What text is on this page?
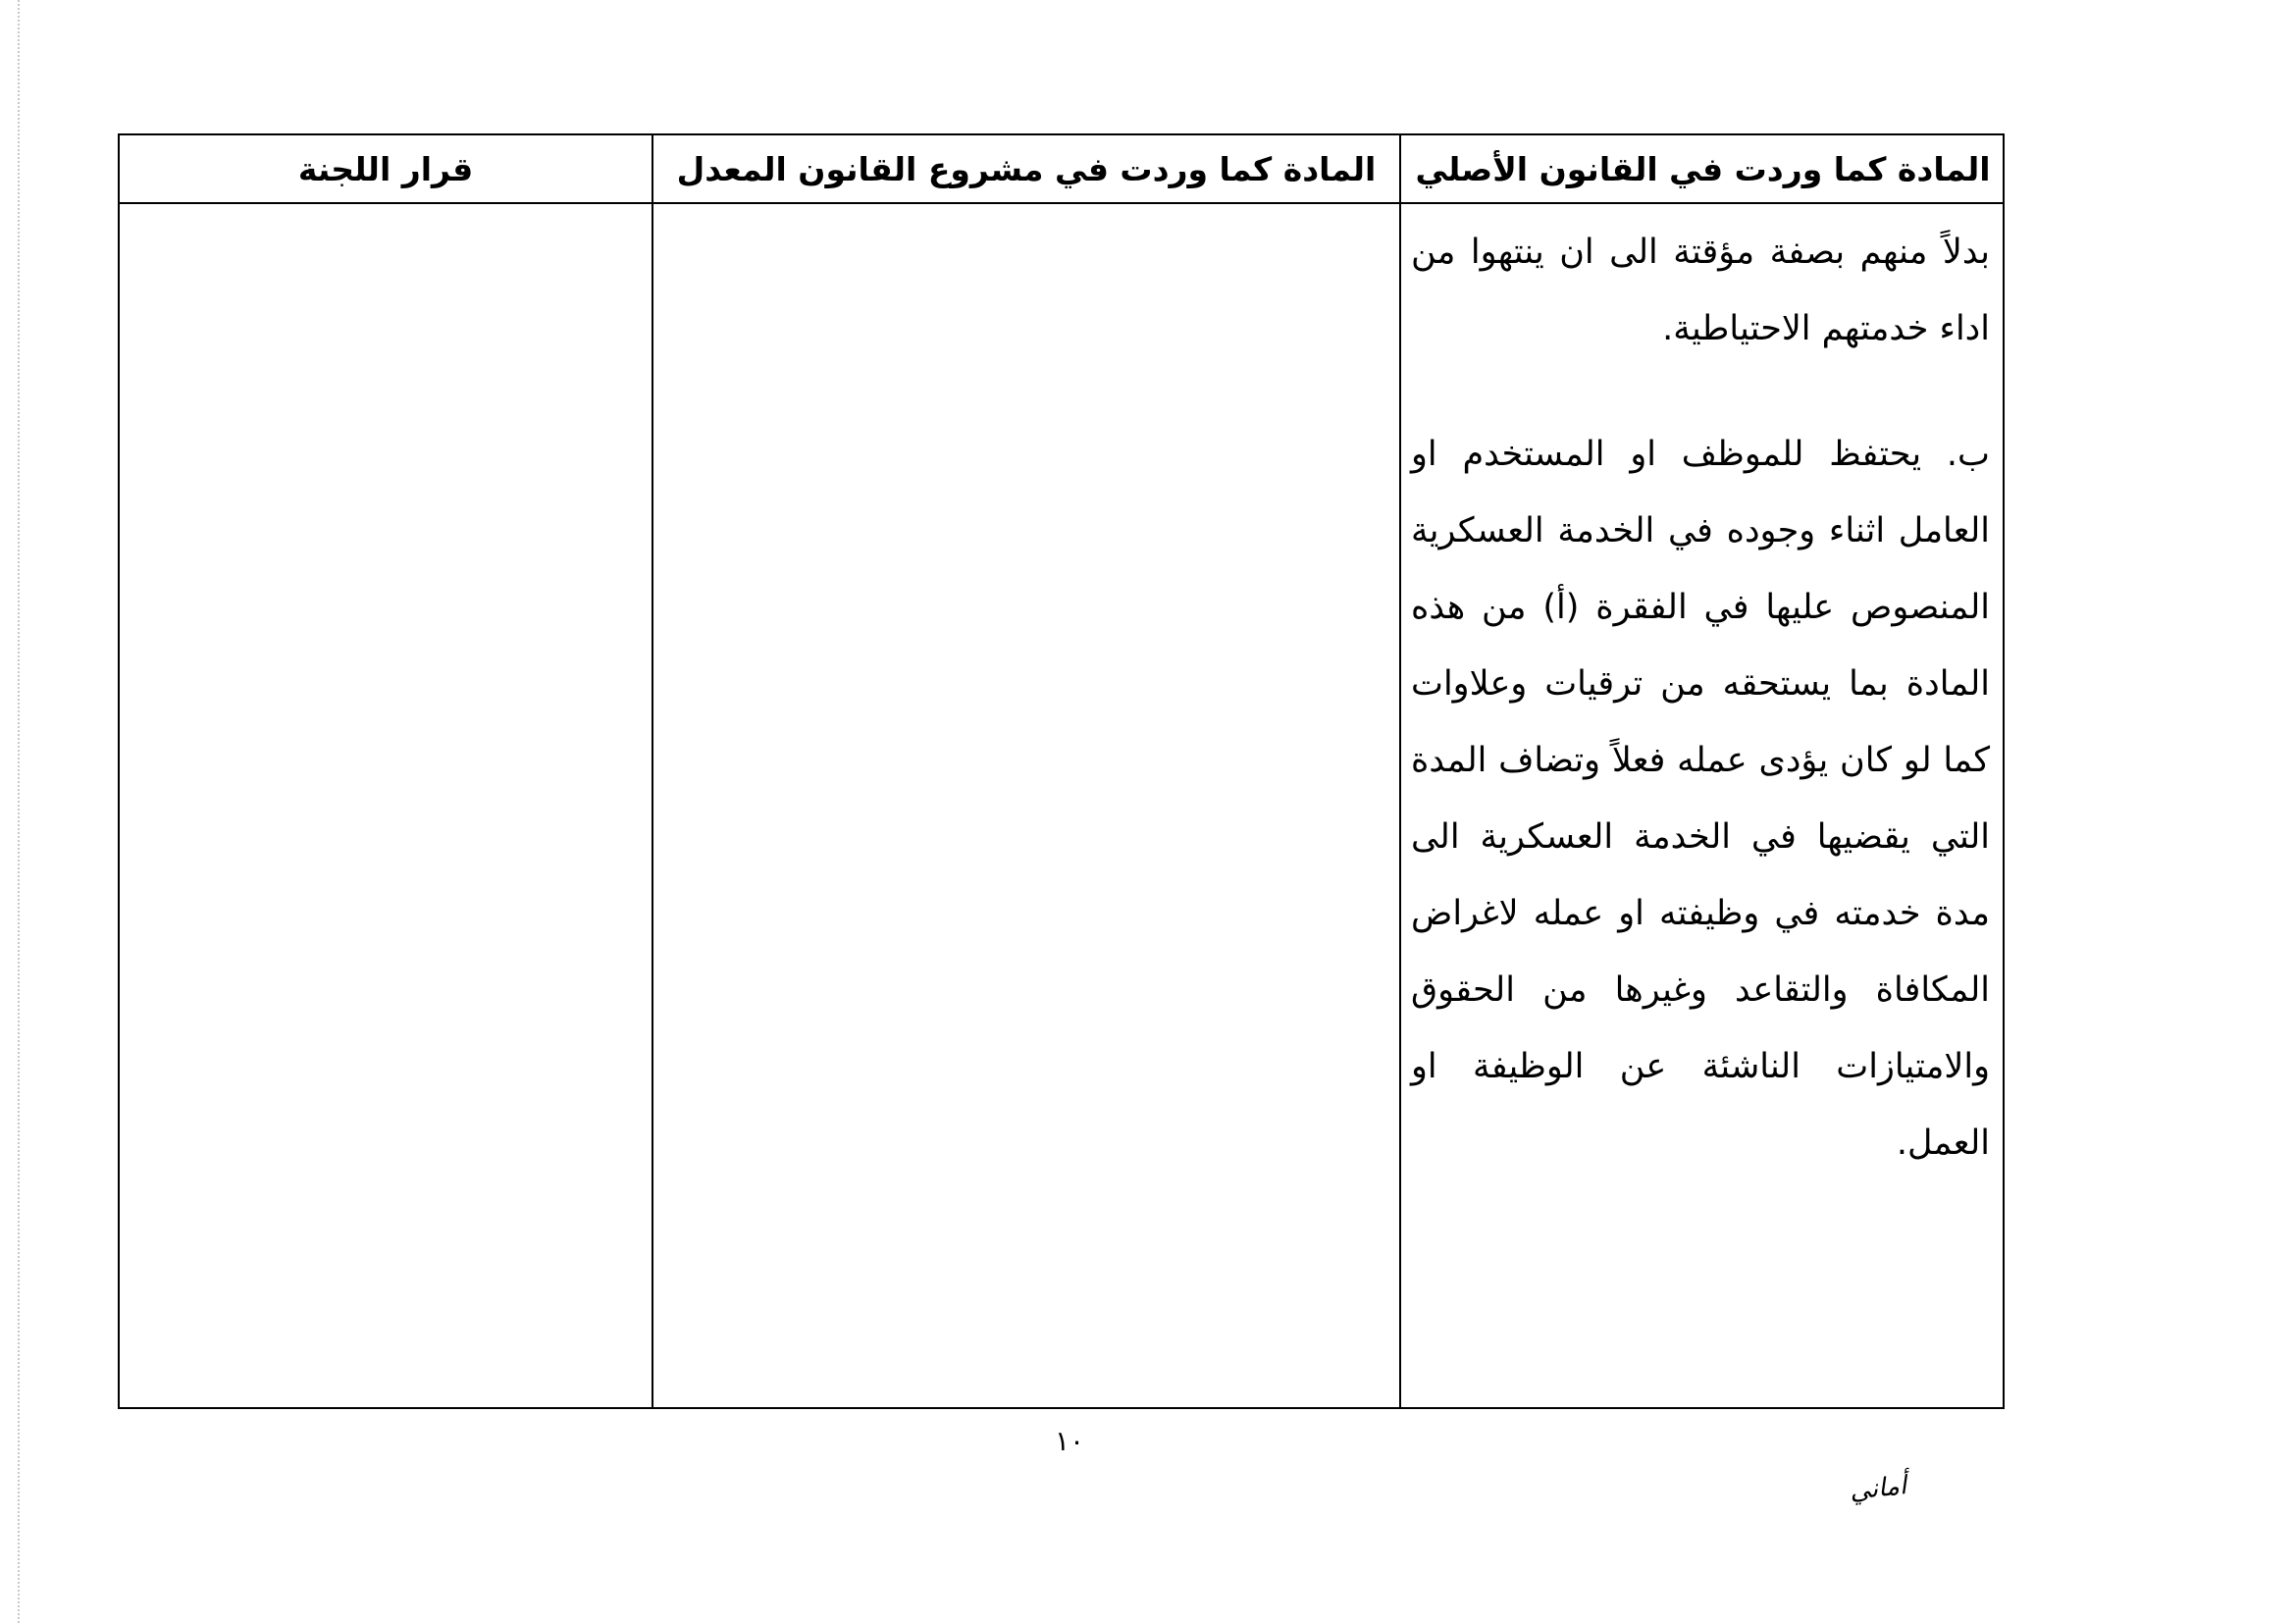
قرار اللجنة	المادة كما وردت في مشروع القانون المعدل	المادة كما وردت في القانون الأصلي

بدلاً منهم بصفة مؤقتة الى ان ينتهوا من اداء خدمتهم الاحتياطية.

ب. يحتفظ للموظف او المستخدم او العامل اثناء وجوده في الخدمة العسكرية المنصوص عليها في الفقرة (أ) من هذه المادة بما يستحقه من ترقيات وعلاوات كما لو كان يؤدى عمله فعلاً وتضاف المدة التي يقضيها في الخدمة العسكرية الى مدة خدمته في وظيفته او عمله لاغراض المكافاة والتقاعد وغيرها من الحقوق والامتيازات الناشئة عن الوظيفة او العمل.

١٠
أماني
